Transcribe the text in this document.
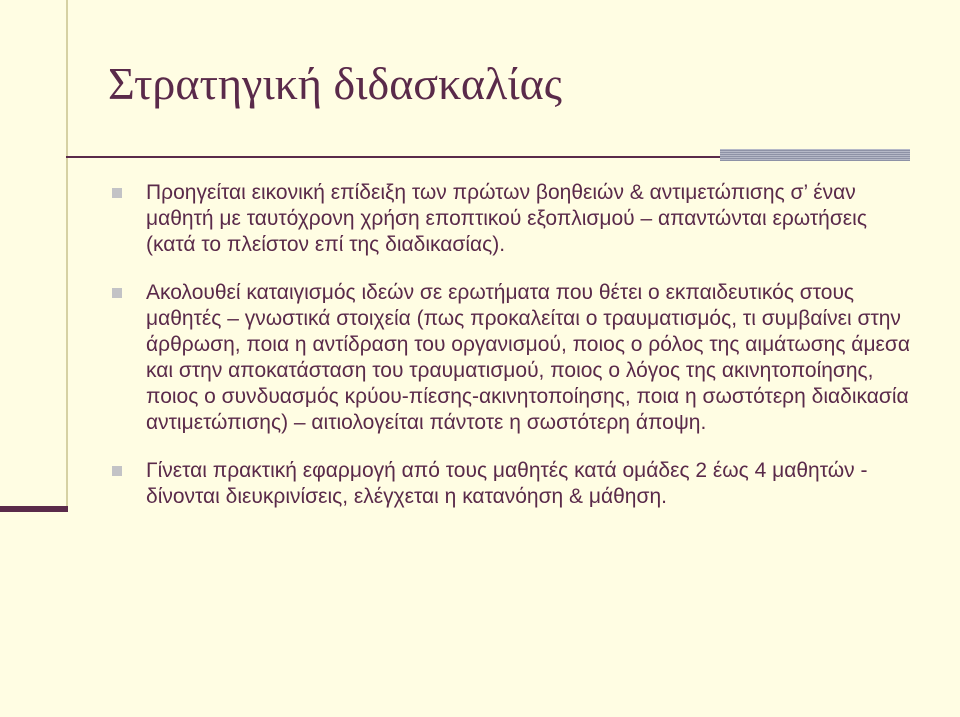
Στρατηγική διδασκαλίας
Προηγείται εικονική επίδειξη των πρώτων βοηθειών & αντιμετώπισης σ’ έναν μαθητή με ταυτόχρονη χρήση εποπτικού εξοπλισμού – απαντώνται ερωτήσεις (κατά το πλείστον επί της διαδικασίας).
Ακολουθεί καταιγισμός ιδεών σε ερωτήματα που θέτει ο εκπαιδευτικός στους μαθητές – γνωστικά στοιχεία (πως προκαλείται ο τραυματισμός, τι συμβαίνει στην άρθρωση, ποια η αντίδραση του οργανισμού, ποιος ο ρόλος της αιμάτωσης άμεσα και στην αποκατάσταση του τραυματισμού, ποιος ο λόγος της ακινητοποίησης, ποιος ο συνδυασμός κρύου-πίεσης-ακινητοποίησης, ποια η σωστότερη διαδικασία αντιμετώπισης) – αιτιολογείται πάντοτε η σωστότερη άποψη.
Γίνεται πρακτική εφαρμογή από τους μαθητές κατά ομάδες 2 έως 4 μαθητών - δίνονται διευκρινίσεις, ελέγχεται η κατανόηση & μάθηση.
